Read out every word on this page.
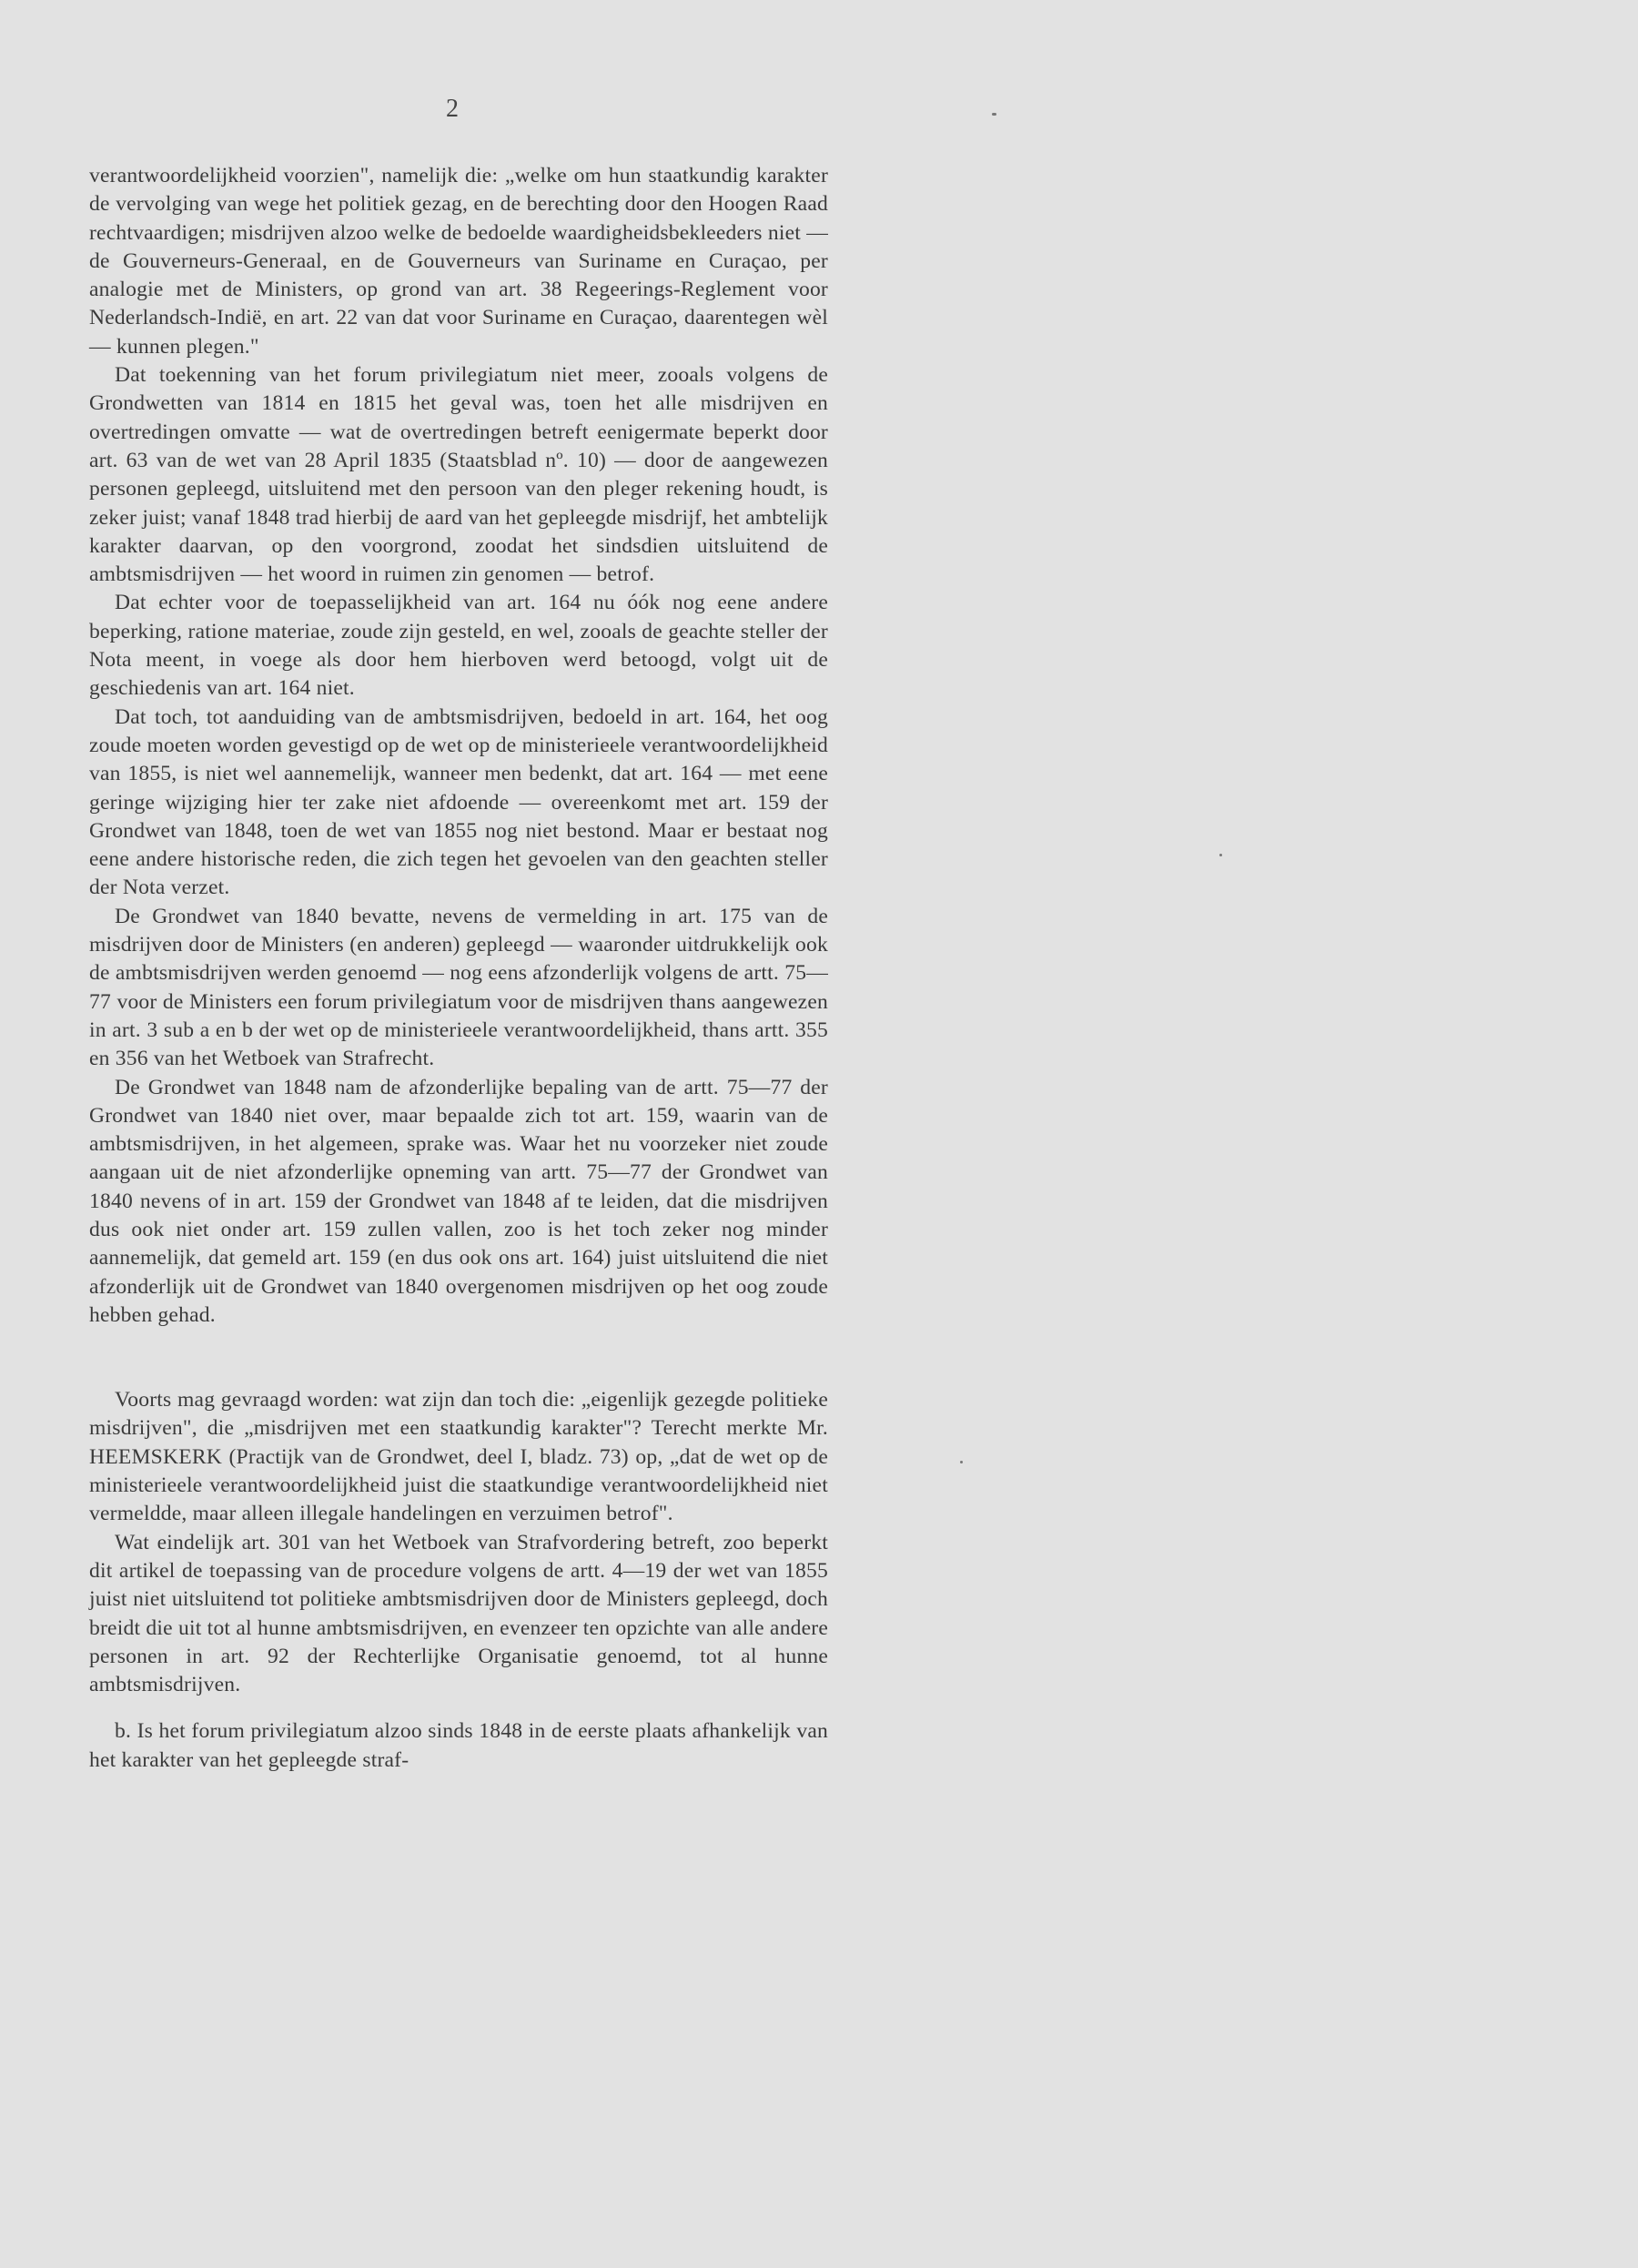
2

verantwoordelijkheid voorzien", namelijk die: „welke om hun staatkundig karakter de vervolging van wege het politiek gezag, en de berechting door den Hoogen Raad rechtvaardigen; misdrijven alzoo welke de bedoelde waardigheidsbekleeders niet — de Gouverneurs-Generaal, en de Gouverneurs van Suriname en Curaçao, per analogie met de Ministers, op grond van art. 38 Regeerings-Reglement voor Nederlandsch-Indië, en art. 22 van dat voor Suriname en Curaçao, daarentegen wèl — kunnen plegen."

Dat toekenning van het forum privilegiatum niet meer, zooals volgens de Grondwetten van 1814 en 1815 het geval was, toen het alle misdrijven en overtredingen omvatte — wat de overtredingen betreft eenigermate beperkt door art. 63 van de wet van 28 April 1835 (Staatsblad nº. 10) — door de aangewezen personen gepleegd, uitsluitend met den persoon van den pleger rekening houdt, is zeker juist; vanaf 1848 trad hierbij de aard van het gepleegde misdrijf, het ambtelijk karakter daarvan, op den voorgrond, zoodat het sindsdien uitsluitend de ambtsmisdrijven — het woord in ruimen zin genomen — betrof.

Dat echter voor de toepasselijkheid van art. 164 nu óók nog eene andere beperking, ratione materiae, zoude zijn gesteld, en wel, zooals de geachte steller der Nota meent, in voege als door hem hierboven werd betoogd, volgt uit de geschiedenis van art. 164 niet.

Dat toch, tot aanduiding van de ambtsmisdrijven, bedoeld in art. 164, het oog zoude moeten worden gevestigd op de wet op de ministerieele verantwoordelijkheid van 1855, is niet wel aannemelijk, wanneer men bedenkt, dat art. 164 — met eene geringe wijziging hier ter zake niet afdoende — overeenkomt met art. 159 der Grondwet van 1848, toen de wet van 1855 nog niet bestond. Maar er bestaat nog eene andere historische reden, die zich tegen het gevoelen van den geachten steller der Nota verzet.

De Grondwet van 1840 bevatte, nevens de vermelding in art. 175 van de misdrijven door de Ministers (en anderen) gepleegd — waaronder uitdrukkelijk ook de ambtsmisdrijven werden genoemd — nog eens afzonderlijk volgens de artt. 75—77 voor de Ministers een forum privilegiatum voor de misdrijven thans aangewezen in art. 3 sub a en b der wet op de ministerieele verantwoordelijkheid, thans artt. 355 en 356 van het Wetboek van Strafrecht.

De Grondwet van 1848 nam de afzonderlijke bepaling van de artt. 75—77 der Grondwet van 1840 niet over, maar bepaalde zich tot art. 159, waarin van de ambtsmisdrijven, in het algemeen, sprake was. Waar het nu voorzeker niet zoude aangaan uit de niet afzonderlijke opneming van artt. 75—77 der Grondwet van 1840 nevens of in art. 159 der Grondwet van 1848 af te leiden, dat die misdrijven dus ook niet onder art. 159 zullen vallen, zoo is het toch zeker nog minder aannemelijk, dat gemeld art. 159 (en dus ook ons art. 164) juist uitsluitend die niet afzonderlijk uit de Grondwet van 1840 overgenomen misdrijven op het oog zoude hebben gehad.

Voorts mag gevraagd worden: wat zijn dan toch die: „eigenlijk gezegde politieke misdrijven", die „misdrijven met een staatkundig karakter"? Terecht merkte Mr. HEEMSKERK (Practijk van de Grondwet, deel I, bladz. 73) op, „dat de wet op de ministerieele verantwoordelijkheid juist die staatkundige verantwoordelijkheid niet vermeldde, maar alleen illegale handelingen en verzuimen betrof".

Wat eindelijk art. 301 van het Wetboek van Strafvordering betreft, zoo beperkt dit artikel de toepassing van de procedure volgens de artt. 4—19 der wet van 1855 juist niet uitsluitend tot politieke ambtsmisdrijven door de Ministers gepleegd, doch breidt die uit tot al hunne ambtsmisdrijven, en evenzeer ten opzichte van alle andere personen in art. 92 der Rechterlijke Organisatie genoemd, tot al hunne ambtsmisdrijven.

b. Is het forum privilegiatum alzoo sinds 1848 in de eerste plaats afhankelijk van het karakter van het gepleegde straf-
